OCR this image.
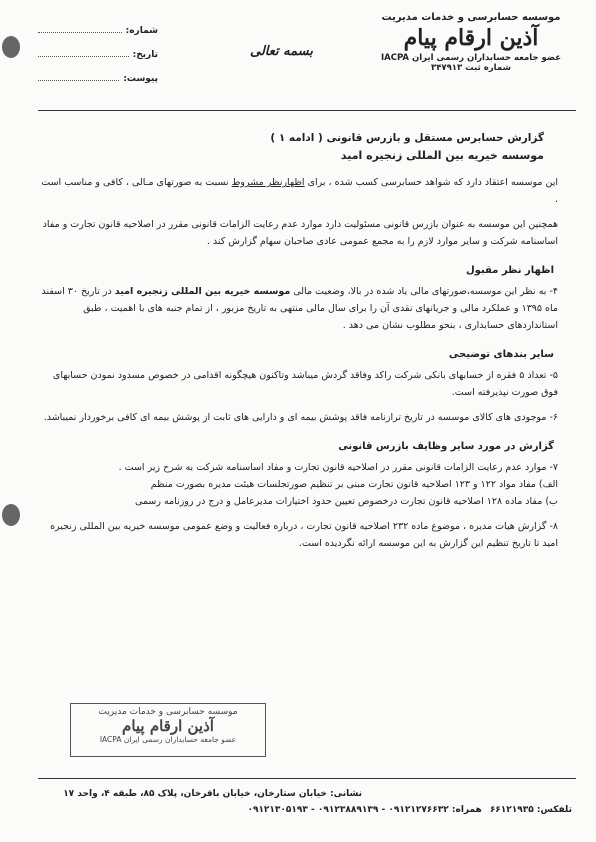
موسسه حسابرسی و خدمات مدیریت
آذین ارقام پیام
عضو جامعه حسابداران رسمی ایران IACPA
شماره ثبت ۳۴۷۹۱۳
بسمه تعالی
شماره:
تاریخ:
پیوست:
گزارش حسابرس مستقل و بازرس قانونی ( ادامه ۱ )
موسسه خیریه بین المللی زنجیره امید
این موسسه اعتقاد دارد که شواهد حسابرسی کسب شده ، برای اظهارنظر مشروط نسبت به صورتهای مـالی ، کافی و مناسب است .
همچنین این موسسه به عنوان بازرس قانونی مسئولیت دارد موارد عدم رعایت الزامات قانونی مقرر در اصلاحیه قانون تجارت و مفاد اساسنامه شرکت و سایر موارد لازم را به مجمع عمومی عادی صاحبان سهام گزارش کند .
اظهار نظر مقبول
۴- به نظر این موسسه،صورتهای مالی یاد شده در بالا، وضعیت مالی موسسه خیریه بین المللی زنجیره امید در تاریخ ۳۰ اسفند ماه ۱۳۹۵ و عملکرد مالی و جریانهای نقدی آن را برای سال مالی منتهی به تاریخ مزبور ، از تمام جنبه های با اهمیت ، طبق استانداردهای حسابداری ، بنحو مطلوب نشان می دهد .
سایر بندهای توضیحی
۵- تعداد ۵ فقره از حسابهای بانکی شرکت راکد وفاقد گردش میباشد وتاکنون هیچگونه اقدامی در خصوص مسدود نمودن حسابهای فوق صورت نپذیرفته است.
۶- موجودی های کالای موسسه در تاریخ ترازنامه فاقد پوشش بیمه ای و دارایی های ثابت از پوشش بیمه ای کافی برخوردار نمیباشد.
گزارش در مورد سایر وظایف بازرس قانونی
۷- موارد عدم رعایت الزامات قانونی مقرر در اصلاحیه قانون تجارت و مفاد اساسنامه شرکت به شرح زیر است .
الف) مفاد مواد ۱۲۲ و ۱۲۳ اصلاحیه قانون تجارت مبنی بر تنظیم صورتجلسات هیئت مدیره بصورت منظم
ب) مفاد ماده ۱۲۸ اصلاحیه قانون تجارت درخصوص تعیین حدود اختیارات مدیرعامل و درج در روزنامه رسمی
۸- گزارش هیات مدیره ، موضوع ماده ۲۳۲ اصلاحیه قانون تجارت ، درباره فعالیت و وضع عمومی موسسه خیریه بین المللی زنجیره امید تا تاریخ تنظیم این گزارش به این موسسه ارائه نگردیده است.
موسسه حسابرسی و خدمات مدیریت
آذین ارقام پیام
عضو جامعه حسابداران رسمی ایران IACPA
نشانی: خیابان ستارخان، خیابان باقرخان، پلاک ۸۵، طبقه ۴، واحد ۱۷
تلفکس: ۶۶۱۲۱۹۳۵
همراه: ۰۹۱۲۱۲۷۶۶۳۲ - ۰۹۱۲۳۸۸۹۱۳۹ - ۰۹۱۲۱۳۰۵۱۹۳
